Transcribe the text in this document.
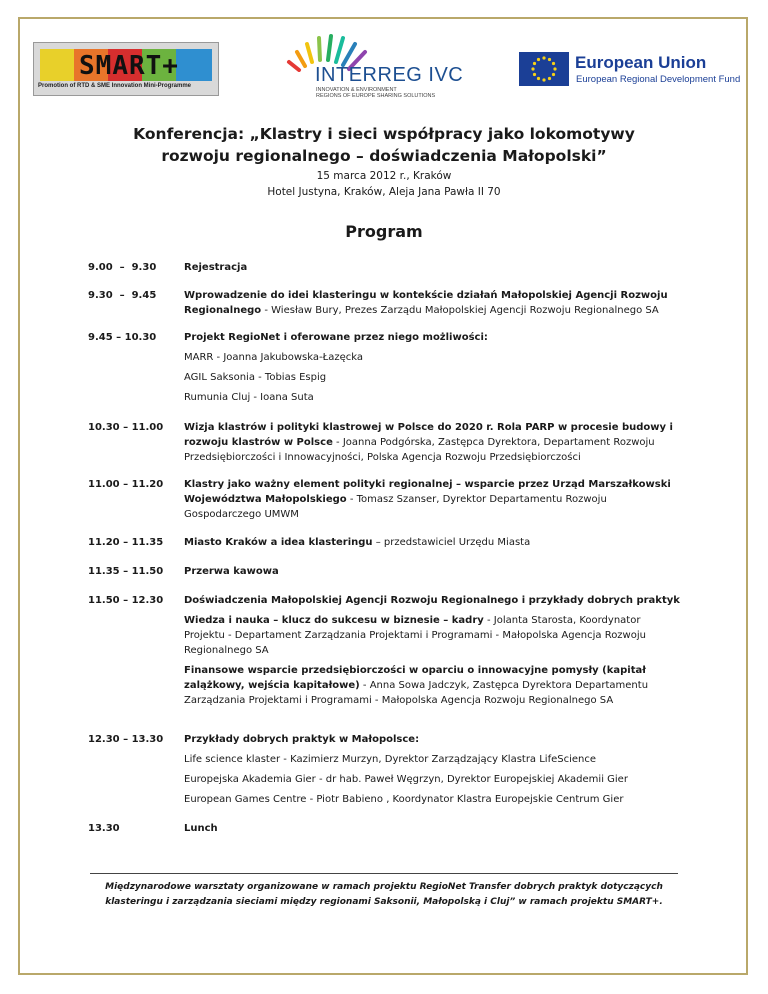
SMART+
Promotion of RTD & SME Innovation Mini-Programme	INTERREG IVC
INNOVATION & ENVIRONMENT
REGIONS OF EUROPE SHARING SOLUTIONS
European Union
European Regional Development Fund
Konferencja: „Klastry i sieci współpracy jako lokomotywy
rozwoju regionalnego – doświadczenia Małopolski”
15 marca 2012 r., Kraków
Hotel Justyna, Kraków, Aleja Jana Pawła II 70
Program
9.00  –  9.30	Rejestracja
9.30  –  9.45	Wprowadzenie do idei klasteringu w kontekście działań Małopolskiej Agencji Rozwoju Regionalnego - Wiesław Bury, Prezes Zarządu Małopolskiej Agencji Rozwoju Regionalnego SA
9.45 – 10.30	Projekt RegioNet i oferowane przez niego możliwości:
MARR - Joanna Jakubowska-Łazęcka
AGIL Saksonia - Tobias Espig
Rumunia Cluj - Ioana Suta
10.30 – 11.00	Wizja klastrów i polityki klastrowej w Polsce do 2020 r. Rola PARP w procesie budowy i rozwoju klastrów w Polsce - Joanna Podgórska, Zastępca Dyrektora, Departament Rozwoju Przedsiębiorczości i Innowacyjności, Polska Agencja Rozwoju Przedsiębiorczości
11.00 – 11.20	Klastry jako ważny element polityki regionalnej – wsparcie przez Urząd Marszałkowski Województwa Małopolskiego - Tomasz Szanser, Dyrektor Departamentu Rozwoju Gospodarczego UMWM
11.20 – 11.35	Miasto Kraków a idea klasteringu – przedstawiciel Urzędu Miasta
11.35 – 11.50	Przerwa kawowa
11.50 – 12.30	Doświadczenia Małopolskiej Agencji Rozwoju Regionalnego i przykłady dobrych praktyk
Wiedza i nauka – klucz do sukcesu w biznesie – kadry - Jolanta Starosta, Koordynator Projektu - Departament Zarządzania Projektami i Programami - Małopolska Agencja Rozwoju Regionalnego SA
Finansowe wsparcie przedsiębiorczości w oparciu o innowacyjne pomysły (kapitał zalążkowy, wejścia kapitałowe) - Anna Sowa Jadczyk, Zastępca Dyrektora Departamentu Zarządzania Projektami i Programami - Małopolska Agencja Rozwoju Regionalnego SA
12.30 – 13.30	Przykłady dobrych praktyk w Małopolsce:
Life science klaster - Kazimierz Murzyn, Dyrektor Zarządzający Klastra LifeScience
Europejska Akademia Gier - dr hab. Paweł Węgrzyn, Dyrektor Europejskiej Akademii Gier
European Games Centre - Piotr Babieno , Koordynator Klastra Europejskie Centrum Gier
13.30	Lunch
Międzynarodowe warsztaty organizowane w ramach projektu RegioNet Transfer dobrych praktyk dotyczących
klasteringu i zarządzania sieciami między regionami Saksonii, Małopolską i Cluj” w ramach projektu SMART+.
